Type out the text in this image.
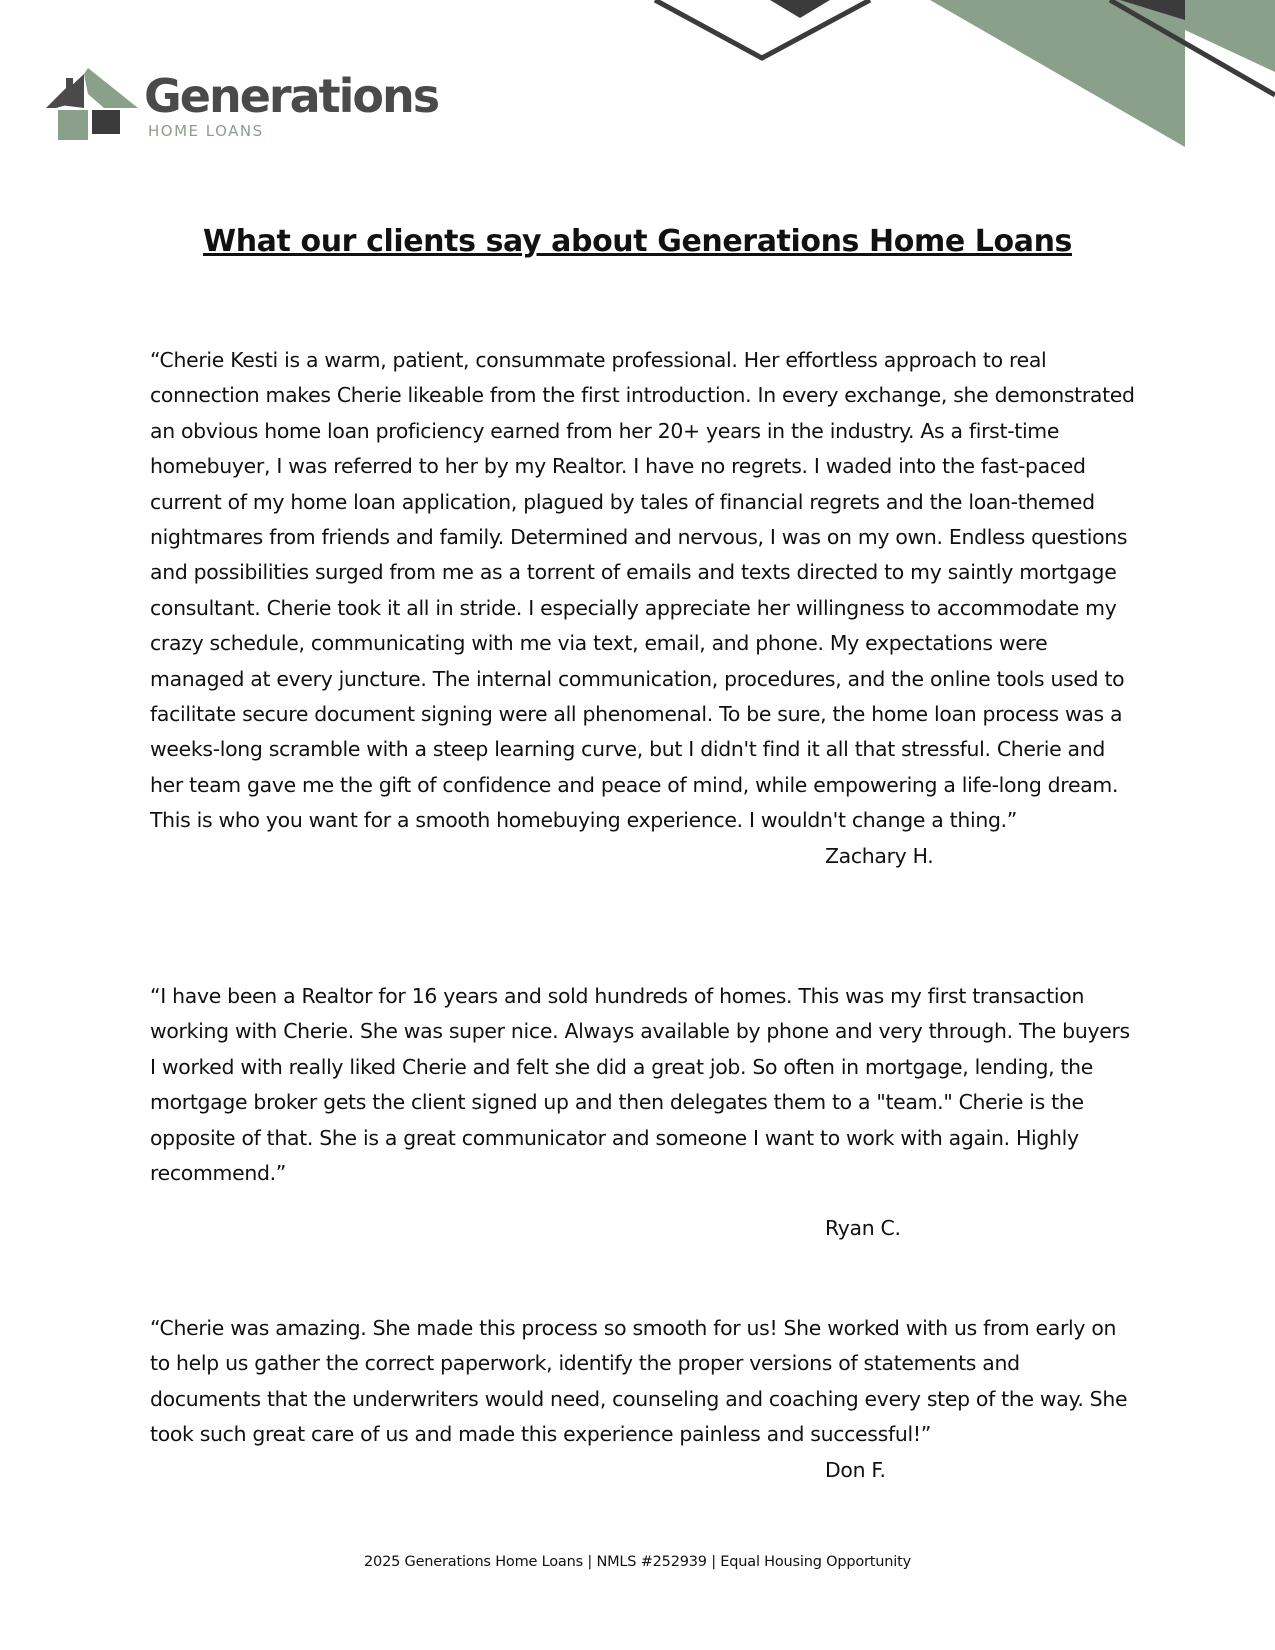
Generations
HOME LOANS
What our clients say about Generations Home Loans

“Cherie Kesti is a warm, patient, consummate professional. Her effortless approach to real connection makes Cherie likeable from the first introduction. In every exchange, she demonstrated an obvious home loan proficiency earned from her 20+ years in the industry. As a first-time homebuyer, I was referred to her by my Realtor. I have no regrets. I waded into the fast-paced current of my home loan application, plagued by tales of financial regrets and the loan-themed nightmares from friends and family. Determined and nervous, I was on my own. Endless questions and possibilities surged from me as a torrent of emails and texts directed to my saintly mortgage consultant. Cherie took it all in stride. I especially appreciate her willingness to accommodate my crazy schedule, communicating with me via text, email, and phone. My expectations were managed at every juncture. The internal communication, procedures, and the online tools used to facilitate secure document signing were all phenomenal. To be sure, the home loan process was a weeks-long scramble with a steep learning curve, but I didn't find it all that stressful. Cherie and her team gave me the gift of confidence and peace of mind, while empowering a life-long dream. This is who you want for a smooth homebuying experience. I wouldn't change a thing.”

Zachary H.

“I have been a Realtor for 16 years and sold hundreds of homes. This was my first transaction working with Cherie. She was super nice. Always available by phone and very through. The buyers I worked with really liked Cherie and felt she did a great job. So often in mortgage, lending, the mortgage broker gets the client signed up and then delegates them to a "team." Cherie is the opposite of that. She is a great communicator and someone I want to work with again. Highly recommend.”

Ryan C.

“Cherie was amazing. She made this process so smooth for us! She worked with us from early on to help us gather the correct paperwork, identify the proper versions of statements and documents that the underwriters would need, counseling and coaching every step of the way. She took such great care of us and made this experience painless and successful!”

Don F.
2025 Generations Home Loans | NMLS #252939 | Equal Housing Opportunity
